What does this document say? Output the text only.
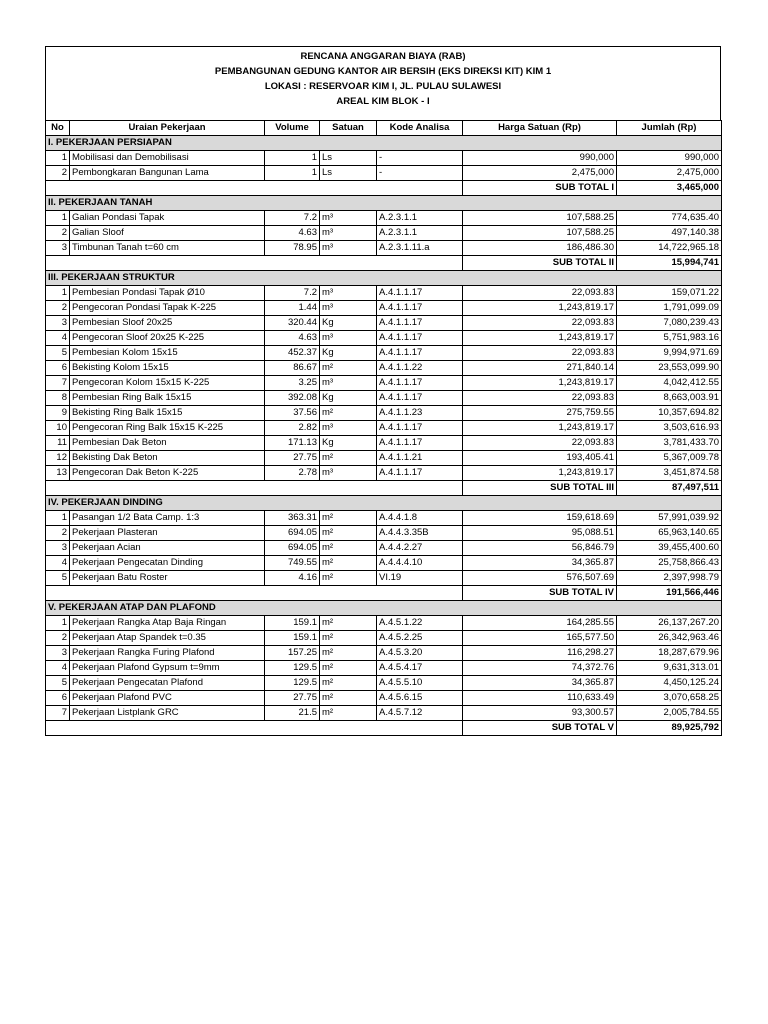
RENCANA ANGGARAN BIAYA (RAB)
PEMBANGUNAN GEDUNG KANTOR AIR BERSIH (EKS DIREKSI KIT) KIM 1
LOKASI : RESERVOAR KIM I, JL. PULAU SULAWESI
AREAL KIM BLOK - I
No	Uraian Pekerjaan	Volume	Satuan	Kode Analisa	Harga Satuan (Rp)	Jumlah (Rp)
I. PEKERJAAN PERSIAPAN						
1	Mobilisasi dan Demobilisasi	1	Ls	-	990,000	990,000
2	Pembongkaran Bangunan Lama	1	Ls	-	2,475,000	2,475,000
					SUB TOTAL I	3,465,000
II. PEKERJAAN TANAH						
1	Galian Pondasi Tapak	7.2	m³	A.2.3.1.1	107,588.25	774,635.40
2	Galian Sloof	4.63	m³	A.2.3.1.1	107,588.25	497,140.38
3	Timbunan Tanah t=60 cm	78.95	m³	A.2.3.1.11.a	186,486.30	14,722,965.18
					SUB TOTAL II	15,994,741
III. PEKERJAAN STRUKTUR						
1	Pembesian Pondasi Tapak Ø10	7.2	m³	A.4.1.1.17	22,093.83	159,071.22
2	Pengecoran Pondasi Tapak K-225	1.44	m³	A.4.1.1.17	1,243,819.17	1,791,099.09
3	Pembesian Sloof 20x25	320.44	Kg	A.4.1.1.17	22,093.83	7,080,239.43
4	Pengecoran Sloof 20x25 K-225	4.63	m³	A.4.1.1.17	1,243,819.17	5,751,983.16
5	Pembesian Kolom 15x15	452.37	Kg	A.4.1.1.17	22,093.83	9,994,971.69
6	Bekisting Kolom 15x15	86.67	m²	A.4.1.1.22	271,840.14	23,553,099.90
7	Pengecoran Kolom 15x15 K-225	3.25	m³	A.4.1.1.17	1,243,819.17	4,042,412.55
8	Pembesian Ring Balk 15x15	392.08	Kg	A.4.1.1.17	22,093.83	8,663,003.91
9	Bekisting Ring Balk 15x15	37.56	m²	A.4.1.1.23	275,759.55	10,357,694.82
10	Pengecoran Ring Balk 15x15 K-225	2.82	m³	A.4.1.1.17	1,243,819.17	3,503,616.93
11	Pembesian Dak Beton	171.13	Kg	A.4.1.1.17	22,093.83	3,781,433.70
12	Bekisting Dak Beton	27.75	m²	A.4.1.1.21	193,405.41	5,367,009.78
13	Pengecoran Dak Beton K-225	2.78	m³	A.4.1.1.17	1,243,819.17	3,451,874.58
					SUB TOTAL III	87,497,511
IV. PEKERJAAN DINDING						
1	Pasangan 1/2 Bata Camp. 1:3	363.31	m²	A.4.4.1.8	159,618.69	57,991,039.92
2	Pekerjaan Plasteran	694.05	m²	A.4.4.3.35B	95,088.51	65,963,140.65
3	Pekerjaan Acian	694.05	m²	A.4.4.2.27	56,846.79	39,455,400.60
4	Pekerjaan Pengecatan Dinding	749.55	m²	A.4.4.4.10	34,365.87	25,758,866.43
5	Pekerjaan Batu Roster	4.16	m²	VI.19	576,507.69	2,397,998.79
					SUB TOTAL IV	191,566,446
V. PEKERJAAN ATAP DAN PLAFOND						
1	Pekerjaan Rangka Atap Baja Ringan	159.1	m²	A.4.5.1.22	164,285.55	26,137,267.20
2	Pekerjaan Atap Spandek t=0.35	159.1	m²	A.4.5.2.25	165,577.50	26,342,963.46
3	Pekerjaan Rangka Furing Plafond	157.25	m²	A.4.5.3.20	116,298.27	18,287,679.96
4	Pekerjaan Plafond Gypsum t=9mm	129.5	m²	A.4.5.4.17	74,372.76	9,631,313.01
5	Pekerjaan Pengecatan Plafond	129.5	m²	A.4.5.5.10	34,365.87	4,450,125.24
6	Pekerjaan Plafond PVC	27.75	m²	A.4.5.6.15	110,633.49	3,070,658.25
7	Pekerjaan Listplank GRC	21.5	m²	A.4.5.7.12	93,300.57	2,005,784.55
					SUB TOTAL V	89,925,792
